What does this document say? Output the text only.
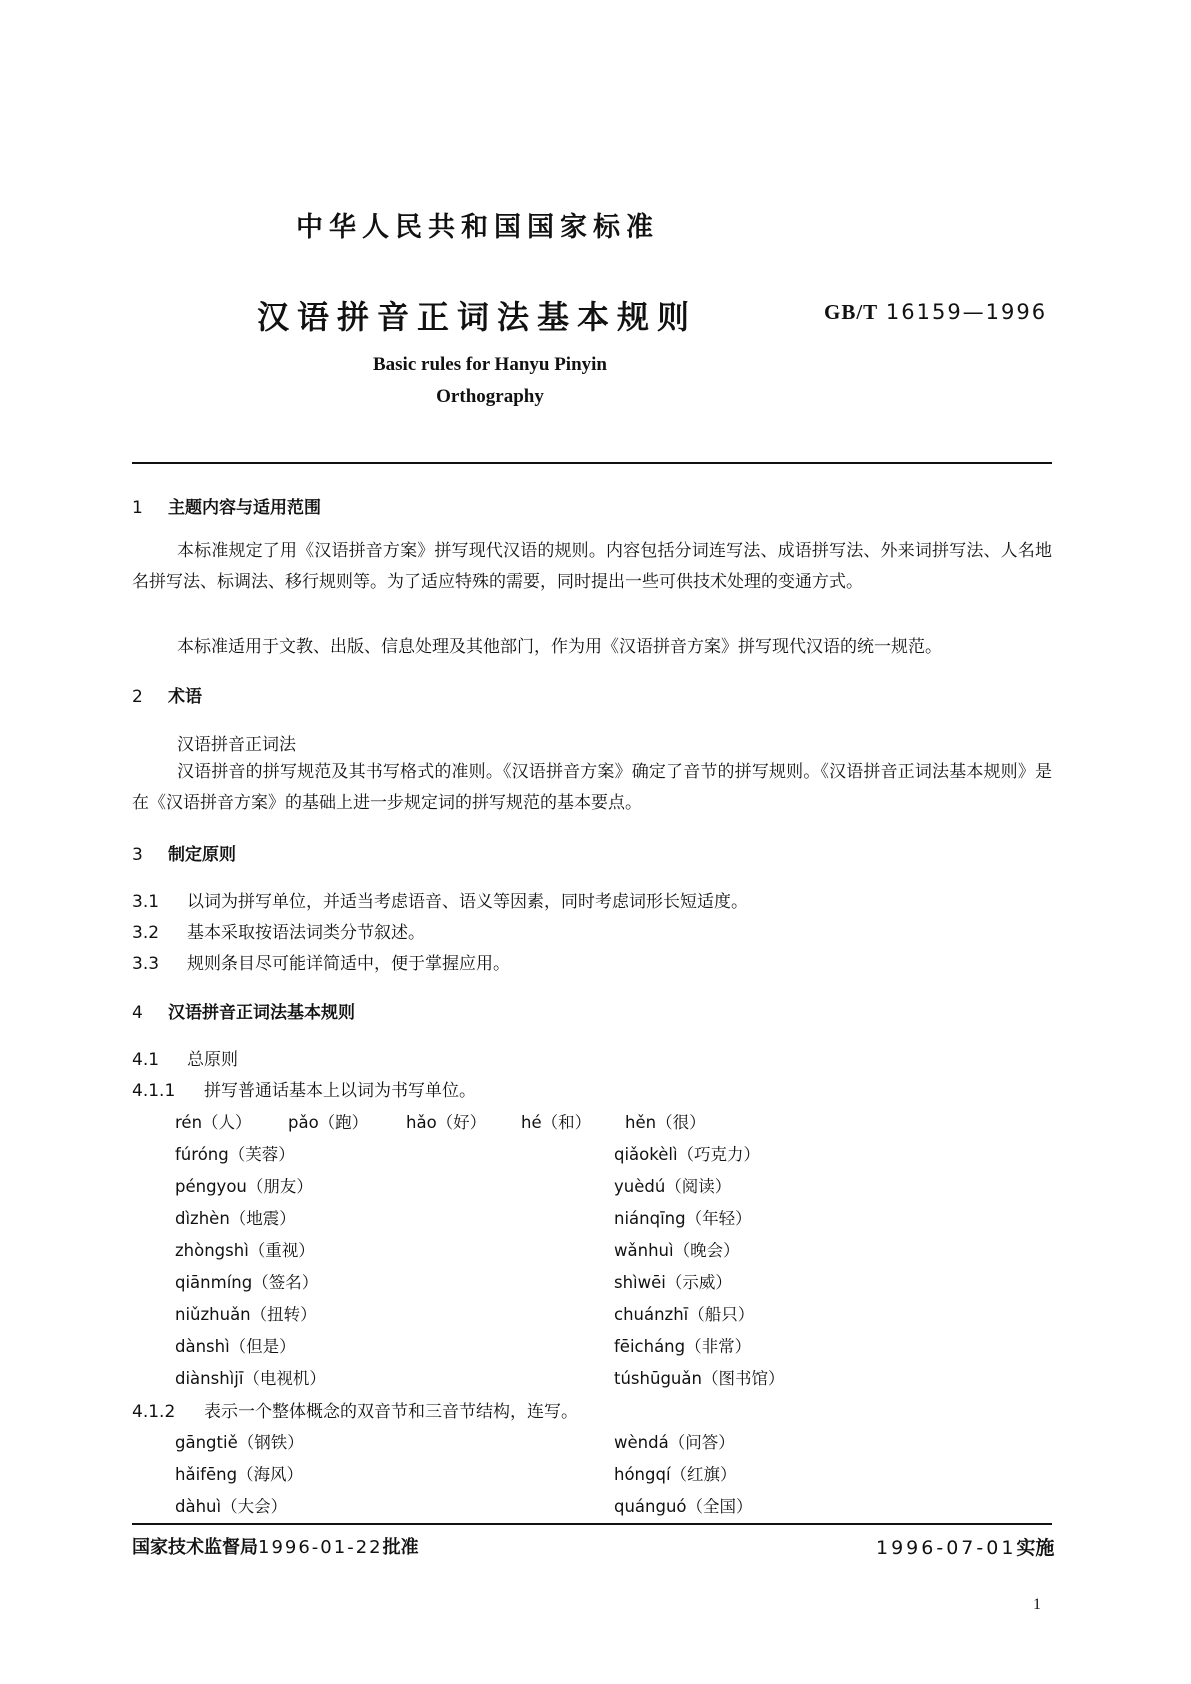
中华人民共和国国家标准

汉语拼音正词法基本规则	GB/T 16159—1996

Basic rules for Hanyu Pinyin

Orthography

1 主题内容与适用范围

本标准规定了用《汉语拼音方案》拼写现代汉语的规则。内容包括分词连写法、成语拼写法、外来词拼写法、人名地名拼写法、标调法、移行规则等。为了适应特殊的需要，同时提出一些可供技术处理的变通方式。

本标准适用于文教、出版、信息处理及其他部门，作为用《汉语拼音方案》拼写现代汉语的统一规范。

2 术语

汉语拼音正词法

汉语拼音的拼写规范及其书写格式的准则。《汉语拼音方案》确定了音节的拼写规则。《汉语拼音正词法基本规则》是在《汉语拼音方案》的基础上进一步规定词的拼写规范的基本要点。

3 制定原则

3.1 以词为拼写单位，并适当考虑语音、语义等因素，同时考虑词形长短适度。

3.2 基本采取按语法词类分节叙述。

3.3 规则条目尽可能详简适中，便于掌握应用。

4 汉语拼音正词法基本规则

4.1 总原则

4.1.1 拼写普通话基本上以词为书写单位。

rén（人） pǎo（跑） hǎo（好） hé（和） hěn（很）

fúróng（芙蓉）

péngyou（朋友）

dìzhèn（地震）

zhòngshì（重视）

qiānmíng（签名）

niǔzhuǎn（扭转）

dànshì（但是）

diànshìjī（电视机）

qiǎokèlì（巧克力）

yuèdú（阅读）

niánqīng（年轻）

wǎnhuì（晚会）

shìwēi（示威）

chuánzhī（船只）

fēicháng（非常）

túshūguǎn（图书馆）

4.1.2 表示一个整体概念的双音节和三音节结构，连写。

gāngtiě（钢铁）

hǎifēng（海风）

dàhuì（大会）

wèndá（问答）

hóngqí（红旗）

quánguó（全国）

国家技术监督局1996-01-22批准	1996-07-01实施

1
